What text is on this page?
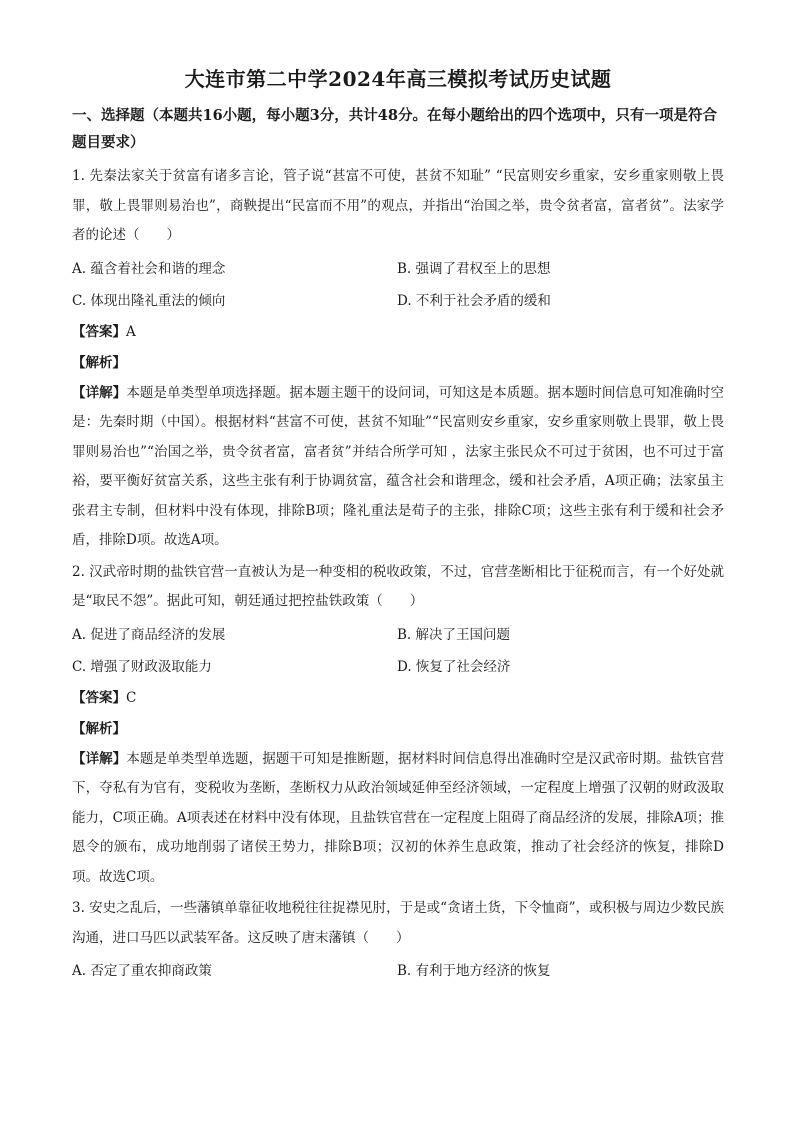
大连市第二中学2024年高三模拟考试历史试题
一、选择题（本题共16小题，每小题3分，共计48分。在每小题给出的四个选项中，只有一项是符合题目要求）

1. 先秦法家关于贫富有诸多言论，管子说“甚富不可使，甚贫不知耻” “民富则安乡重家，安乡重家则敬上畏罪，敬上畏罪则易治也”，商鞅提出“民富而不用”的观点，并指出“治国之举，贵令贫者富，富者贫”。法家学者的论述（　　）

A. 蕴含着社会和谐的理念	B. 强调了君权至上的思想
C. 体现出隆礼重法的倾向	D. 不利于社会矛盾的缓和

【答案】A

【解析】

【详解】本题是单类型单项选择题。据本题主题干的设问词，可知这是本质题。据本题时间信息可知准确时空是：先秦时期（中国）。根据材料“甚富不可使，甚贫不知耻”“民富则安乡重家，安乡重家则敬上畏罪，敬上畏罪则易治也”“治国之举，贵令贫者富，富者贫”并结合所学可知 ，法家主张民众不可过于贫困，也不可过于富裕，要平衡好贫富关系，这些主张有利于协调贫富，蕴含社会和谐理念，缓和社会矛盾，A项正确；法家虽主张君主专制，但材料中没有体现，排除B项；隆礼重法是荀子的主张，排除C项；这些主张有利于缓和社会矛盾，排除D项。故选A项。

2. 汉武帝时期的盐铁官营一直被认为是一种变相的税收政策，不过，官营垄断相比于征税而言，有一个好处就是“取民不怨”。据此可知，朝廷通过把控盐铁政策（　　）

A. 促进了商品经济的发展	B. 解决了王国问题
C. 增强了财政汲取能力	D. 恢复了社会经济

【答案】C

【解析】

【详解】本题是单类型单选题，据题干可知是推断题，据材料时间信息得出准确时空是汉武帝时期。盐铁官营下，夺私有为官有，变税收为垄断，垄断权力从政治领域延伸至经济领域，一定程度上增强了汉朝的财政汲取能力，C项正确。A项表述在材料中没有体现，且盐铁官营在一定程度上阻碍了商品经济的发展，排除A项；推恩令的颁布，成功地削弱了诸侯王势力，排除B项；汉初的休养生息政策，推动了社会经济的恢复，排除D项。故选C项。

3. 安史之乱后，一些藩镇单靠征收地税往往捉襟见肘，于是或“贪诸土货，下令恤商”，或积极与周边少数民族沟通，进口马匹以武装军备。这反映了唐末藩镇（　　）

A. 否定了重农抑商政策	B. 有利于地方经济的恢复
